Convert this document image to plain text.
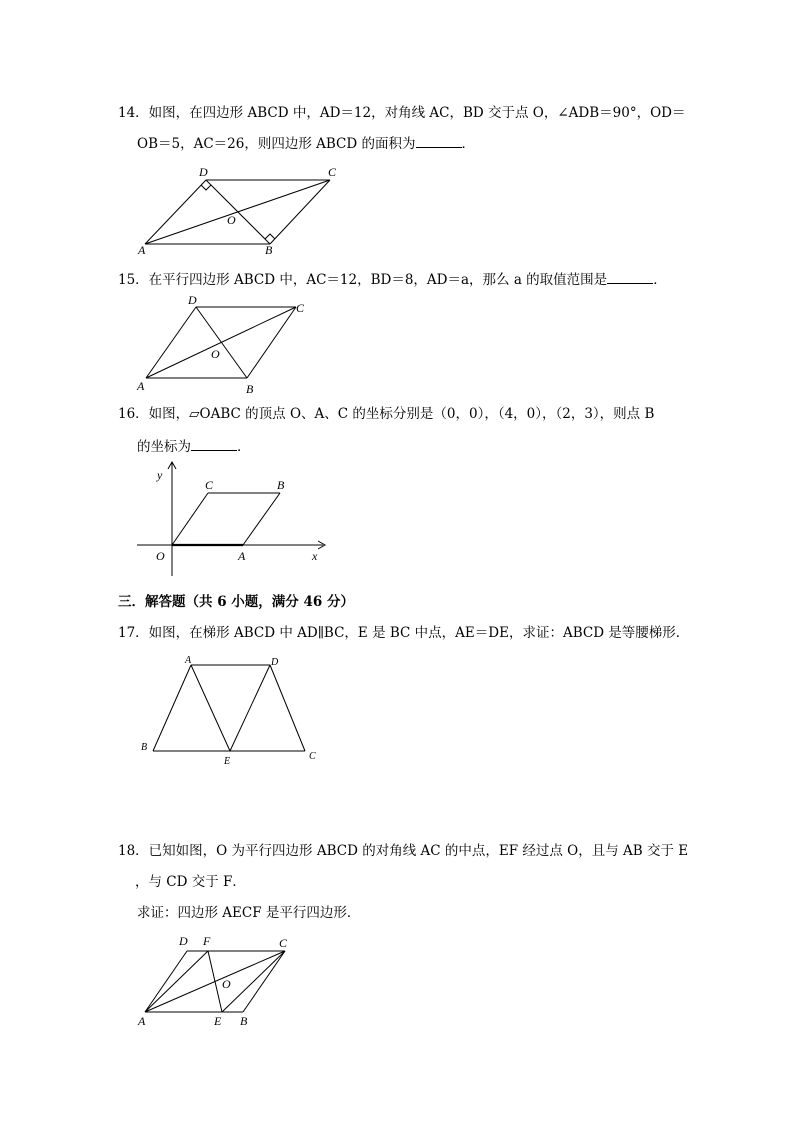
14．如图，在四边形 ABCD 中，AD＝12，对角线 AC，BD 交于点 O，∠ADB＝90°，OD＝
OB＝5，AC＝26，则四边形 ABCD 的面积为	．
D	C
O
A	B
15．在平行四边形 ABCD 中，AC＝12，BD＝8，AD＝a，那么 a 的取值范围是	．
D
C
O
A	B
16．如图，▱OABC 的顶点 O、A、C 的坐标分别是（0，0），（4，0），（2，3），则点 B
的坐标为	．
y
C	B
O	A	x
三．解答题（共 6 小题，满分 46 分）
17．如图，在梯形 ABCD 中 AD∥BC，E 是 BC 中点，AE＝DE，求证：ABCD 是等腰梯形．
A	D
B
E	C
18．已知如图，O 为平行四边形 ABCD 的对角线 AC 的中点，EF 经过点 O，且与 AB 交于 E
，与 CD 交于 F．
求证：四边形 AECF 是平行四边形．
D F	C
O
A	E B
